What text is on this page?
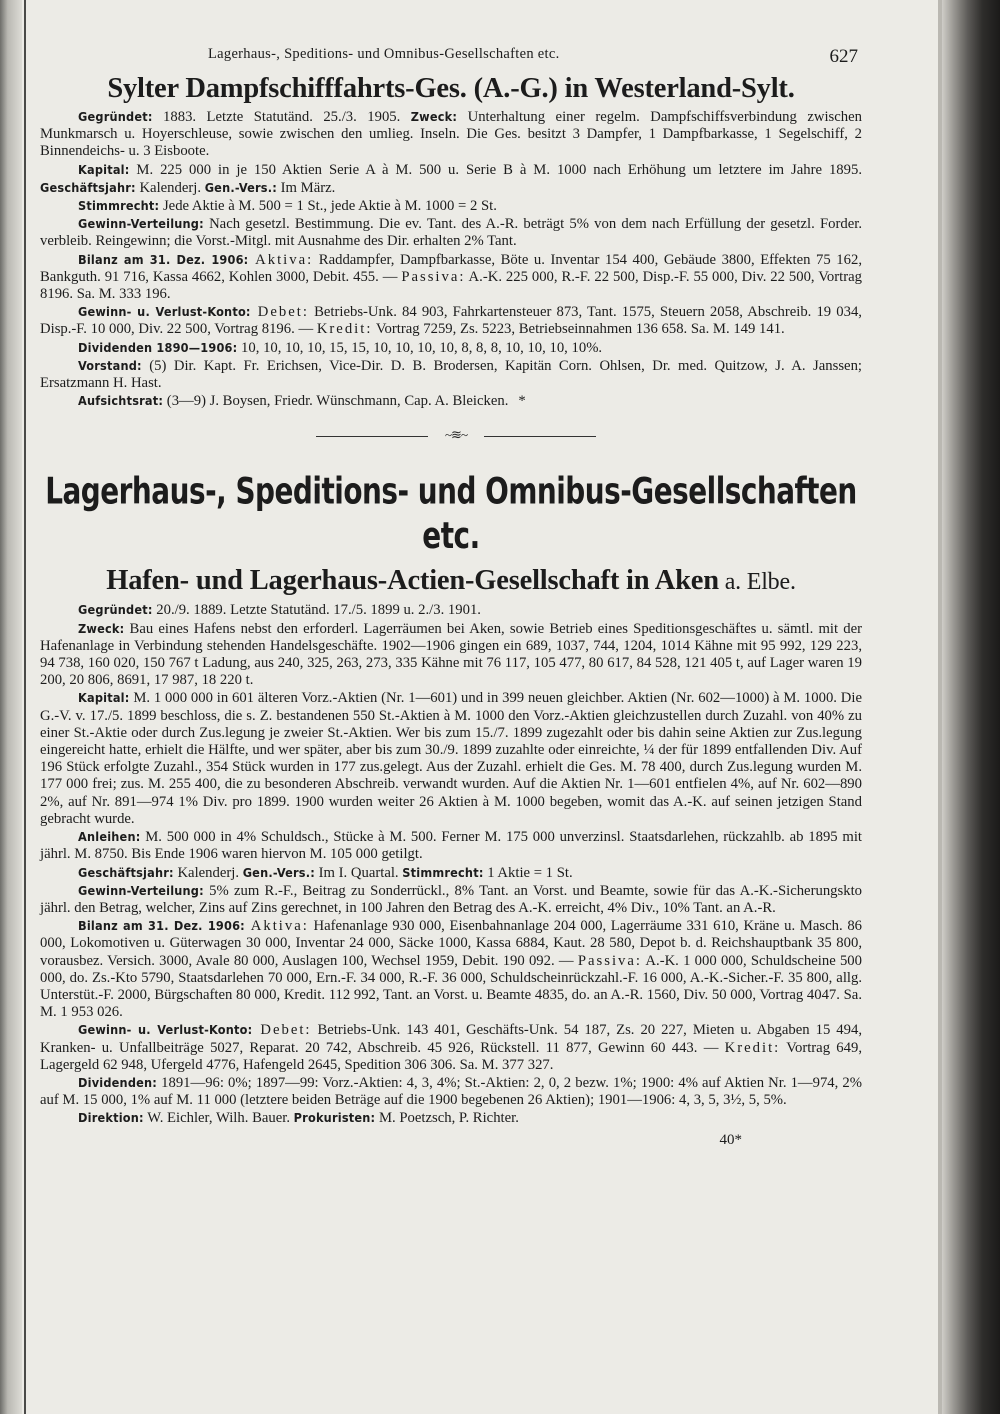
Lagerhaus-, Speditions- und Omnibus-Gesellschaften etc.	627
Sylter Dampfschifffahrts-Ges. (A.-G.) in Westerland-Sylt.

Gegründet: 1883. Letzte Statutänd. 25./3. 1905. Zweck: Unterhaltung einer regelm. Dampfschiffsverbindung zwischen Munkmarsch u. Hoyerschleuse, sowie zwischen den umlieg. Inseln. Die Ges. besitzt 3 Dampfer, 1 Dampfbarkasse, 1 Segelschiff, 2 Binnendeichs- u. 3 Eisboote.

Kapital: M. 225 000 in je 150 Aktien Serie A à M. 500 u. Serie B à M. 1000 nach Erhöhung um letztere im Jahre 1895. Geschäftsjahr: Kalenderj. Gen.-Vers.: Im März.

Stimmrecht: Jede Aktie à M. 500 = 1 St., jede Aktie à M. 1000 = 2 St.

Gewinn-Verteilung: Nach gesetzl. Bestimmung. Die ev. Tant. des A.-R. beträgt 5% von dem nach Erfüllung der gesetzl. Forder. verbleib. Reingewinn; die Vorst.-Mitgl. mit Ausnahme des Dir. erhalten 2% Tant.

Bilanz am 31. Dez. 1906: Aktiva: Raddampfer, Dampfbarkasse, Böte u. Inventar 154 400, Gebäude 3800, Effekten 75 162, Bankguth. 91 716, Kassa 4662, Kohlen 3000, Debit. 455. — Passiva: A.-K. 225 000, R.-F. 22 500, Disp.-F. 55 000, Div. 22 500, Vortrag 8196. Sa. M. 333 196.

Gewinn- u. Verlust-Konto: Debet: Betriebs-Unk. 84 903, Fahrkartensteuer 873, Tant. 1575, Steuern 2058, Abschreib. 19 034, Disp.-F. 10 000, Div. 22 500, Vortrag 8196. — Kredit: Vortrag 7259, Zs. 5223, Betriebseinnahmen 136 658. Sa. M. 149 141.

Dividenden 1890—1906: 10, 10, 10, 10, 15, 15, 10, 10, 10, 10, 8, 8, 8, 10, 10, 10, 10%.

Vorstand: (5) Dir. Kapt. Fr. Erichsen, Vice-Dir. D. B. Brodersen, Kapitän Corn. Ohlsen, Dr. med. Quitzow, J. A. Janssen; Ersatzmann H. Hast.

Aufsichtsrat: (3—9) J. Boysen, Friedr. Wünschmann, Cap. A. Bleicken. *

~≋~
Lagerhaus-, Speditions- und Omnibus-Gesellschaften etc.
Hafen- und Lagerhaus-Actien-Gesellschaft in Aken a. Elbe.

Gegründet: 20./9. 1889. Letzte Statutänd. 17./5. 1899 u. 2./3. 1901.

Zweck: Bau eines Hafens nebst den erforderl. Lagerräumen bei Aken, sowie Betrieb eines Speditionsgeschäftes u. sämtl. mit der Hafenanlage in Verbindung stehenden Handelsgeschäfte. 1902—1906 gingen ein 689, 1037, 744, 1204, 1014 Kähne mit 95 992, 129 223, 94 738, 160 020, 150 767 t Ladung, aus 240, 325, 263, 273, 335 Kähne mit 76 117, 105 477, 80 617, 84 528, 121 405 t, auf Lager waren 19 200, 20 806, 8691, 17 987, 18 220 t.

Kapital: M. 1 000 000 in 601 älteren Vorz.-Aktien (Nr. 1—601) und in 399 neuen gleichber. Aktien (Nr. 602—1000) à M. 1000. Die G.-V. v. 17./5. 1899 beschloss, die s. Z. bestandenen 550 St.-Aktien à M. 1000 den Vorz.-Aktien gleichzustellen durch Zuzahl. von 40% zu einer St.-Aktie oder durch Zus.legung je zweier St.-Aktien. Wer bis zum 15./7. 1899 zugezahlt oder bis dahin seine Aktien zur Zus.legung eingereicht hatte, erhielt die Hälfte, und wer später, aber bis zum 30./9. 1899 zuzahlte oder einreichte, ¼ der für 1899 entfallenden Div. Auf 196 Stück erfolgte Zuzahl., 354 Stück wurden in 177 zus.gelegt. Aus der Zuzahl. erhielt die Ges. M. 78 400, durch Zus.legung wurden M. 177 000 frei; zus. M. 255 400, die zu besonderen Abschreib. verwandt wurden. Auf die Aktien Nr. 1—601 entfielen 4%, auf Nr. 602—890 2%, auf Nr. 891—974 1% Div. pro 1899. 1900 wurden weiter 26 Aktien à M. 1000 begeben, womit das A.-K. auf seinen jetzigen Stand gebracht wurde.

Anleihen: M. 500 000 in 4% Schuldsch., Stücke à M. 500. Ferner M. 175 000 unverzinsl. Staatsdarlehen, rückzahlb. ab 1895 mit jährl. M. 8750. Bis Ende 1906 waren hiervon M. 105 000 getilgt.

Geschäftsjahr: Kalenderj. Gen.-Vers.: Im I. Quartal. Stimmrecht: 1 Aktie = 1 St.

Gewinn-Verteilung: 5% zum R.-F., Beitrag zu Sonderrückl., 8% Tant. an Vorst. und Beamte, sowie für das A.-K.-Sicherungskto jährl. den Betrag, welcher, Zins auf Zins gerechnet, in 100 Jahren den Betrag des A.-K. erreicht, 4% Div., 10% Tant. an A.-R.

Bilanz am 31. Dez. 1906: Aktiva: Hafenanlage 930 000, Eisenbahnanlage 204 000, Lagerräume 331 610, Kräne u. Masch. 86 000, Lokomotiven u. Güterwagen 30 000, Inventar 24 000, Säcke 1000, Kassa 6884, Kaut. 28 580, Depot b. d. Reichshauptbank 35 800, vorausbez. Versich. 3000, Avale 80 000, Auslagen 100, Wechsel 1959, Debit. 190 092. — Passiva: A.-K. 1 000 000, Schuldscheine 500 000, do. Zs.-Kto 5790, Staatsdarlehen 70 000, Ern.-F. 34 000, R.-F. 36 000, Schuldscheinrückzahl.-F. 16 000, A.-K.-Sicher.-F. 35 800, allg. Unterstüt.-F. 2000, Bürgschaften 80 000, Kredit. 112 992, Tant. an Vorst. u. Beamte 4835, do. an A.-R. 1560, Div. 50 000, Vortrag 4047. Sa. M. 1 953 026.

Gewinn- u. Verlust-Konto: Debet: Betriebs-Unk. 143 401, Geschäfts-Unk. 54 187, Zs. 20 227, Mieten u. Abgaben 15 494, Kranken- u. Unfallbeiträge 5027, Reparat. 20 742, Abschreib. 45 926, Rückstell. 11 877, Gewinn 60 443. — Kredit: Vortrag 649, Lagergeld 62 948, Ufergeld 4776, Hafengeld 2645, Spedition 306 306. Sa. M. 377 327.

Dividenden: 1891—96: 0%; 1897—99: Vorz.-Aktien: 4, 3, 4%; St.-Aktien: 2, 0, 2 bezw. 1%; 1900: 4% auf Aktien Nr. 1—974, 2% auf M. 15 000, 1% auf M. 11 000 (letztere beiden Beträge auf die 1900 begebenen 26 Aktien); 1901—1906: 4, 3, 5, 3½, 5, 5%.

Direktion: W. Eichler, Wilh. Bauer. Prokuristen: M. Poetzsch, P. Richter.

40*
